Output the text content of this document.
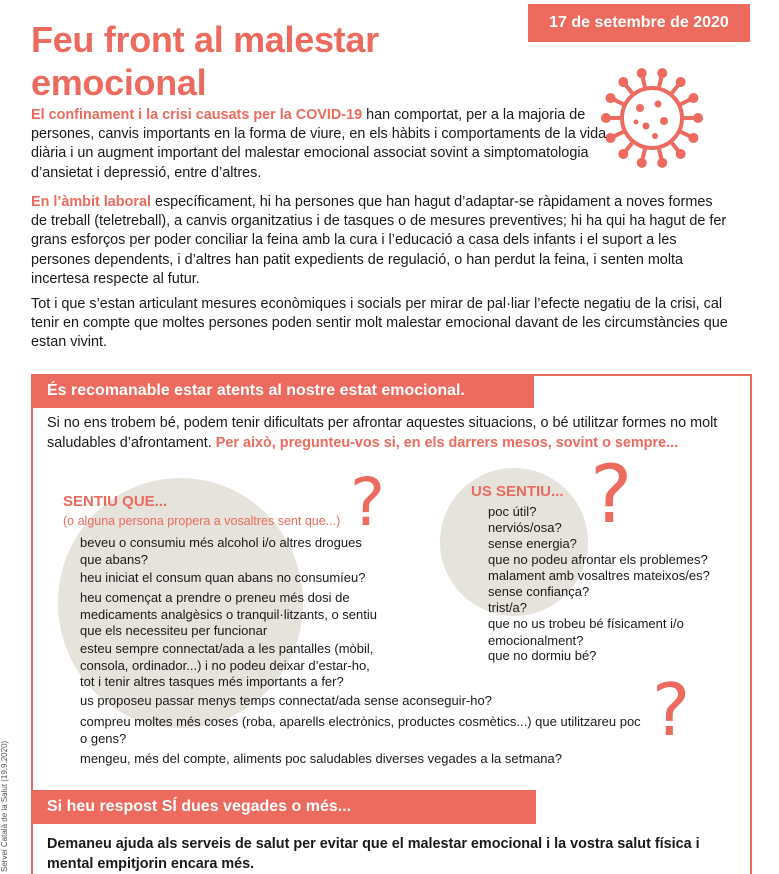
17 de setembre de 2020
Feu front al malestar emocional

El confinament i la crisi causats per la COVID-19 han comportat, per a la majoria de persones, canvis importants en la forma de viure, en els hàbits i comportaments de la vida diària i un augment important del malestar emocional associat sovint a simptomatologia d’ansietat i depressió, entre d’altres.

En l’àmbit laboral específicament, hi ha persones que han hagut d’adaptar-se ràpidament a noves formes de treball (teletreball), a canvis organitzatius i de tasques o de mesures preventives; hi ha qui ha hagut de fer grans esforços per poder conciliar la feina amb la cura i l’educació a casa dels infants i el suport a les persones dependents, i d’altres han patit expedients de regulació, o han perdut la feina, i senten molta incertesa respecte al futur.

Tot i que s’estan articulant mesures econòmiques i socials per mirar de pal·liar l’efecte negatiu de la crisi, cal tenir en compte que moltes persones poden sentir molt malestar emocional davant de les circumstàncies que estan vivint.

És recomanable estar atents al nostre estat emocional.

Si no ens trobem bé, podem tenir dificultats per afrontar aquestes situacions, o bé utilitzar formes no molt saludables d’afrontament. Per això, pregunteu-vos si, en els darrers mesos, sovint o sempre...

?	?
?
SENTIU QUE...
(o alguna persona propera a vosaltres sent que...)
beveu o consumiu més alcohol i/o altres drogues que abans?
heu iniciat el consum quan abans no consumíeu?
heu començat a prendre o preneu més dosi de medicaments analgèsics o tranquil·litzants, o sentiu que els necessiteu per funcionar
esteu sempre connectat/ada a les pantalles (mòbil, consola, ordinador...) i no podeu deixar d’estar-ho, tot i tenir altres tasques més importants a fer?
us proposeu passar menys temps connectat/ada sense aconseguir-ho?
compreu moltes més coses (roba, aparells electrònics, productes cosmètics...) que utilitzareu poc o gens?
mengeu, més del compte, aliments poc saludables diverses vegades a la setmana?
US SENTIU...
poc útil?
nerviós/osa?
sense energia?
que no podeu afrontar els problemes?
malament amb vosaltres mateixos/es?
sense confiança?
trist/a?
que no us trobeu bé físicament i/o emocionalment?
que no dormiu bé?
Si heu respost SÍ dues vegades o més...

Demaneu ajuda als serveis de salut per evitar que el malestar emocional i la vostra salut física i mental empitjorin encara més.

Servei Català de la Salut (19.9.2020)
